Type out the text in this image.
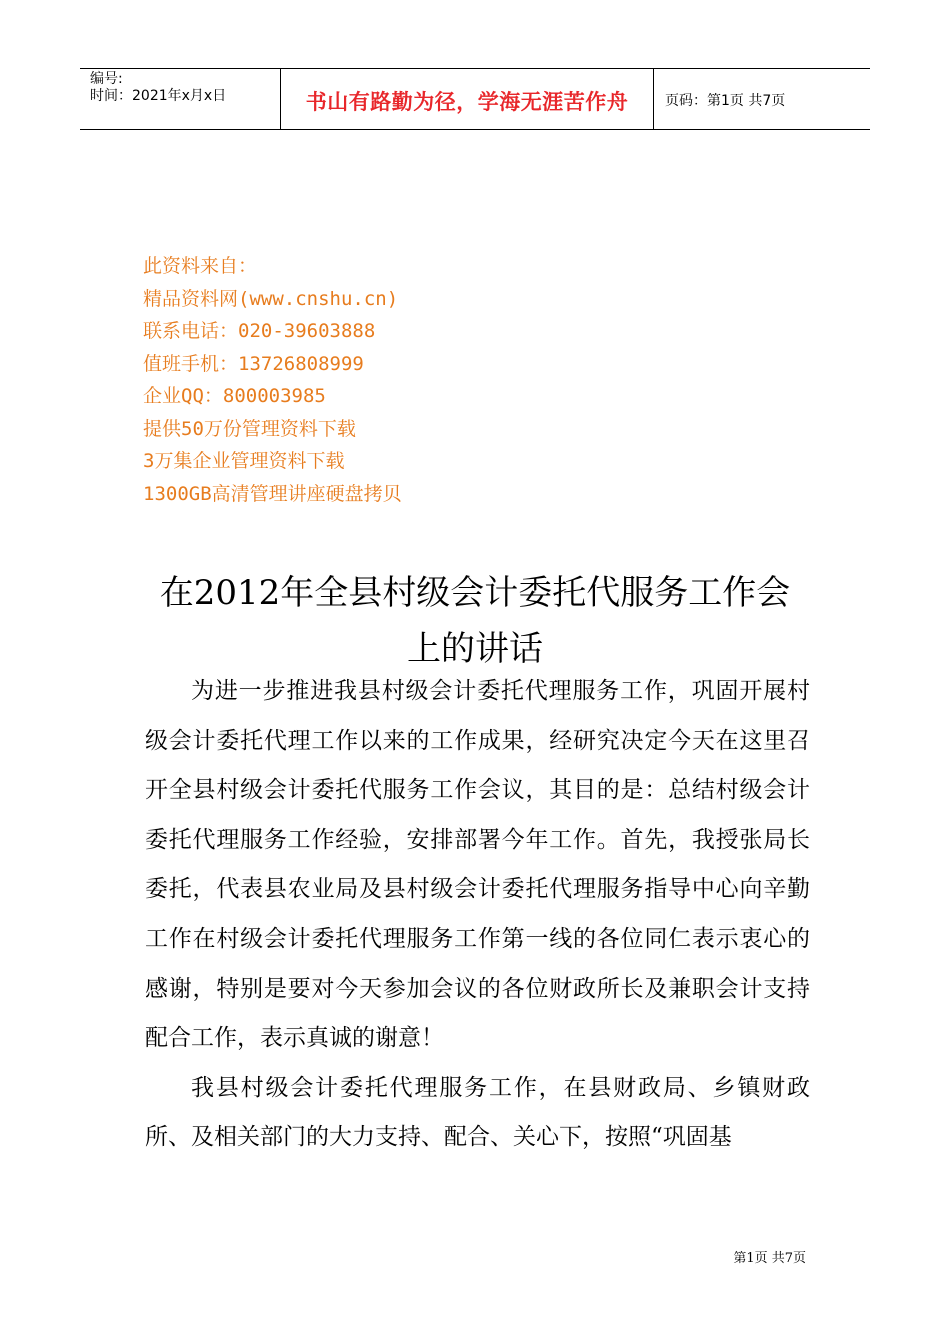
编号:
时间：2021年x月x日	书山有路勤为径，学海无涯苦作舟	页码：第1页 共7页
此资料来自：
精品资料网(www.cnshu.cn)
联系电话：020-39603888
值班手机：13726808999
企业QQ：800003985
提供50万份管理资料下载
3万集企业管理资料下载
1300GB高清管理讲座硬盘拷贝
在2012年全县村级会计委托代服务工作会
上的讲话

为进一步推进我县村级会计委托代理服务工作，巩固开展村级会计委托代理工作以来的工作成果，经研究决定今天在这里召开全县村级会计委托代服务工作会议，其目的是：总结村级会计委托代理服务工作经验，安排部署今年工作。首先，我授张局长委托，代表县农业局及县村级会计委托代理服务指导中心向辛勤工作在村级会计委托代理服务工作第一线的各位同仁表示衷心的感谢，特别是要对今天参加会议的各位财政所长及兼职会计支持配合工作，表示真诚的谢意！

我县村级会计委托代理服务工作，在县财政局、乡镇财政所、及相关部门的大力支持、配合、关心下，按照“巩固基

第1页 共7页
